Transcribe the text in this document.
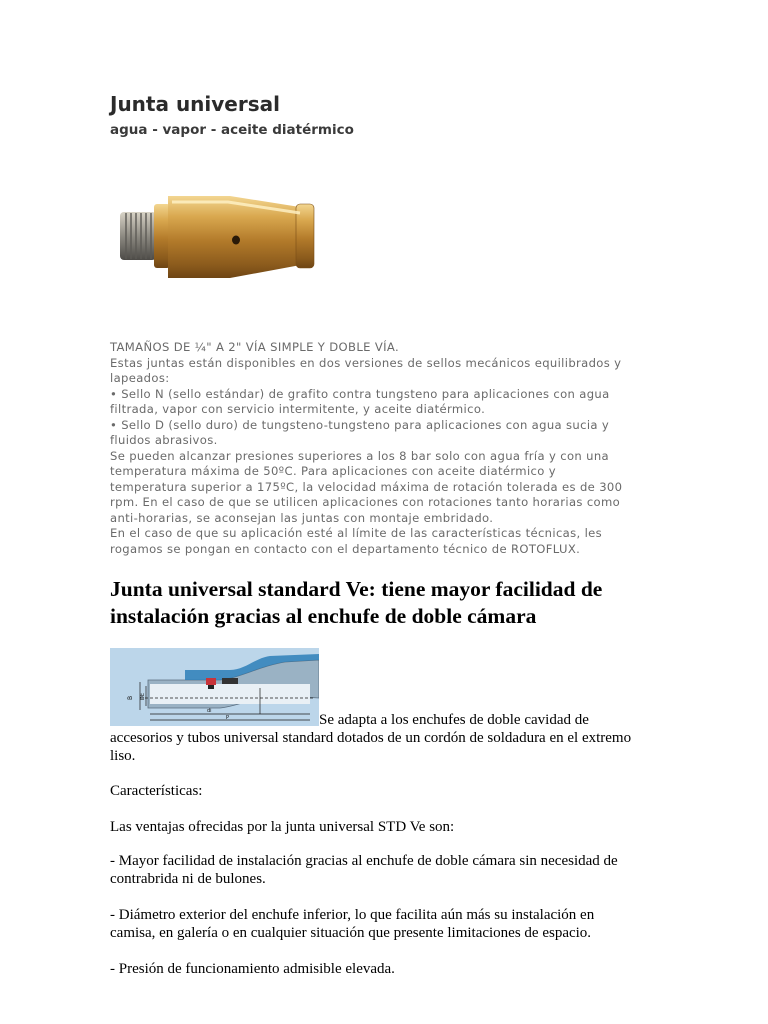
Junta universal
agua - vapor - aceite diatérmico
TAMAÑOS DE ¼" A 2" VÍA SIMPLE Y DOBLE VÍA.
Estas juntas están disponibles en dos versiones de sellos mecánicos equilibrados y
lapeados:
• Sello N (sello estándar) de grafito contra tungsteno para aplicaciones con agua
filtrada, vapor con servicio intermitente, y aceite diatérmico.
• Sello D (sello duro) de tungsteno-tungsteno para aplicaciones con agua sucia y
fluidos abrasivos.
Se pueden alcanzar presiones superiores a los 8 bar solo con agua fría y con una
temperatura máxima de 50ºC. Para aplicaciones con aceite diatérmico y
temperatura superior a 175ºC, la velocidad máxima de rotación tolerada es de 300
rpm. En el caso de que se utilicen aplicaciones con rotaciones tanto horarias como
anti-horarias, se aconsejan las juntas con montaje embridado.
En el caso de que su aplicación esté al límite de las características técnicas, les
rogamos se pongan en contacto con el departamento técnico de ROTOFLUX.
Junta universal standard Ve: tiene mayor facilidad de
instalación gracias al enchufe de doble cámara
B DE
di
P	Se adapta a los enchufes de doble cavidad de
accesorios y tubos universal standard dotados de un cordón de soldadura en el extremo
liso.

Características:

Las ventajas ofrecidas por la junta universal STD Ve son:

- Mayor facilidad de instalación gracias al enchufe de doble cámara sin necesidad de
contrabrida ni de bulones.

- Diámetro exterior del enchufe inferior, lo que facilita aún más su instalación en
camisa, en galería o en cualquier situación que presente limitaciones de espacio.

- Presión de funcionamiento admisible elevada.
